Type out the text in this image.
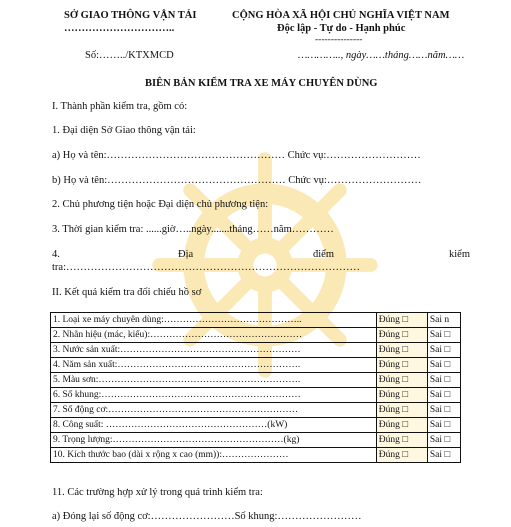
SỞ GIAO THÔNG VẬN TẢI
…………………………..
CỘNG HÒA XÃ HỘI CHỦ NGHĨA VIỆT NAM
Độc lập - Tự do - Hạnh phúc
---------------
Số:……../KTXMCD	………….., ngày……tháng……năm……
BIÊN BẢN KIỂM TRA XE MÁY CHUYÊN DÙNG
I. Thành phần kiểm tra, gồm có:
1. Đại diện Sở Giao thông vận tải:
a) Họ và tên:…………………………………………… Chức vụ:………………………
b) Họ và tên:…………………………………………… Chức vụ:………………………
2. Chủ phương tiện hoặc Đại diện chủ phương tiện:
3. Thời gian kiểm tra: ......giờ…..ngày.......tháng……năm…………
4.	Địa	điểm	kiểm
tra:…………………………………………………………………………
II. Kết quả kiểm tra đối chiếu hồ sơ
1. Loại xe máy chuyên dùng:……………………………………..	Đúng □	Sai n
2. Nhãn hiệu (mác, kiểu):…………………………………………	Đúng □	Sai □
3. Nước sản xuất:…………………………………………………	Đúng □	Sai □
4. Năm sản xuất:………………………………………………….	Đúng □	Sai □
5. Màu sơn:……………………………………………………….	Đúng □	Sai □
6. Số khung:………………………………………………………	Đúng □	Sai □
7. Số động cơ:……………………………………………………	Đúng □	Sai □
8. Công suất: ……………………………………………(kW)	Đúng □	Sai □
9. Trọng lượng:………………………………………………(kg)	Đúng □	Sai □
10. Kích thước bao (dài x rộng x cao (mm)):…………………	Đúng □	Sai □
11. Các trường hợp xử lý trong quá trình kiểm tra:
a) Đóng lại số động cơ:……………………Số khung:……………………
